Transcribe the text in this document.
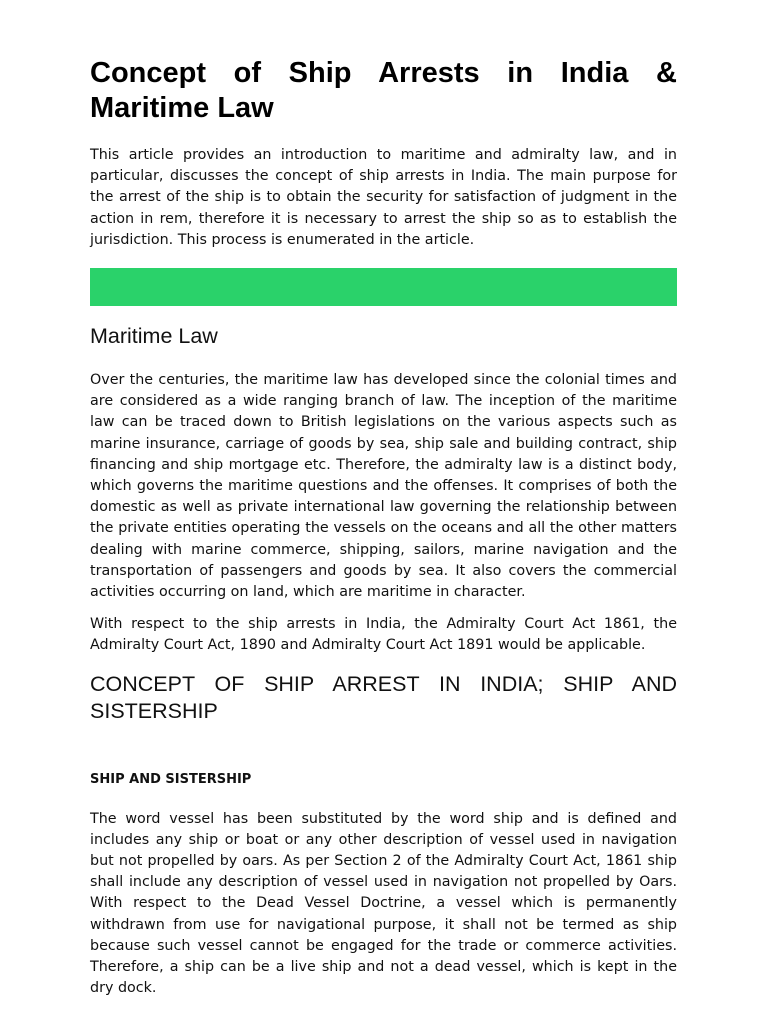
Concept of Ship Arrests in India & Maritime Law

This article provides an introduction to maritime and admiralty law, and in particular, discusses the concept of ship arrests in India. The main purpose for the arrest of the ship is to obtain the security for satisfaction of judgment in the action in rem, therefore it is necessary to arrest the ship so as to establish the jurisdiction. This process is enumerated in the article.

Maritime Law

Over the centuries, the maritime law has developed since the colonial times and are considered as a wide ranging branch of law. The inception of the maritime law can be traced down to British legislations on the various aspects such as marine insurance, carriage of goods by sea, ship sale and building contract, ship financing and ship mortgage etc. Therefore, the admiralty law is a distinct body, which governs the maritime questions and the offenses. It comprises of both the domestic as well as private international law governing the relationship between the private entities operating the vessels on the oceans and all the other matters dealing with marine commerce, shipping, sailors, marine navigation and the transportation of passengers and goods by sea. It also covers the commercial activities occurring on land, which are maritime in character.

With respect to the ship arrests in India, the Admiralty Court Act 1861, the Admiralty Court Act, 1890 and Admiralty Court Act 1891 would be applicable.

CONCEPT OF SHIP ARREST IN INDIA; SHIP AND SISTERSHIP
SHIP AND SISTERSHIP

The word vessel has been substituted by the word ship and is defined and includes any ship or boat or any other description of vessel used in navigation but not propelled by oars. As per Section 2 of the Admiralty Court Act, 1861 ship shall include any description of vessel used in navigation not propelled by Oars. With respect to the Dead Vessel Doctrine, a vessel which is permanently withdrawn from use for navigational purpose, it shall not be termed as ship because such vessel cannot be engaged for the trade or commerce activities. Therefore, a ship can be a live ship and not a dead vessel, which is kept in the dry dock.
